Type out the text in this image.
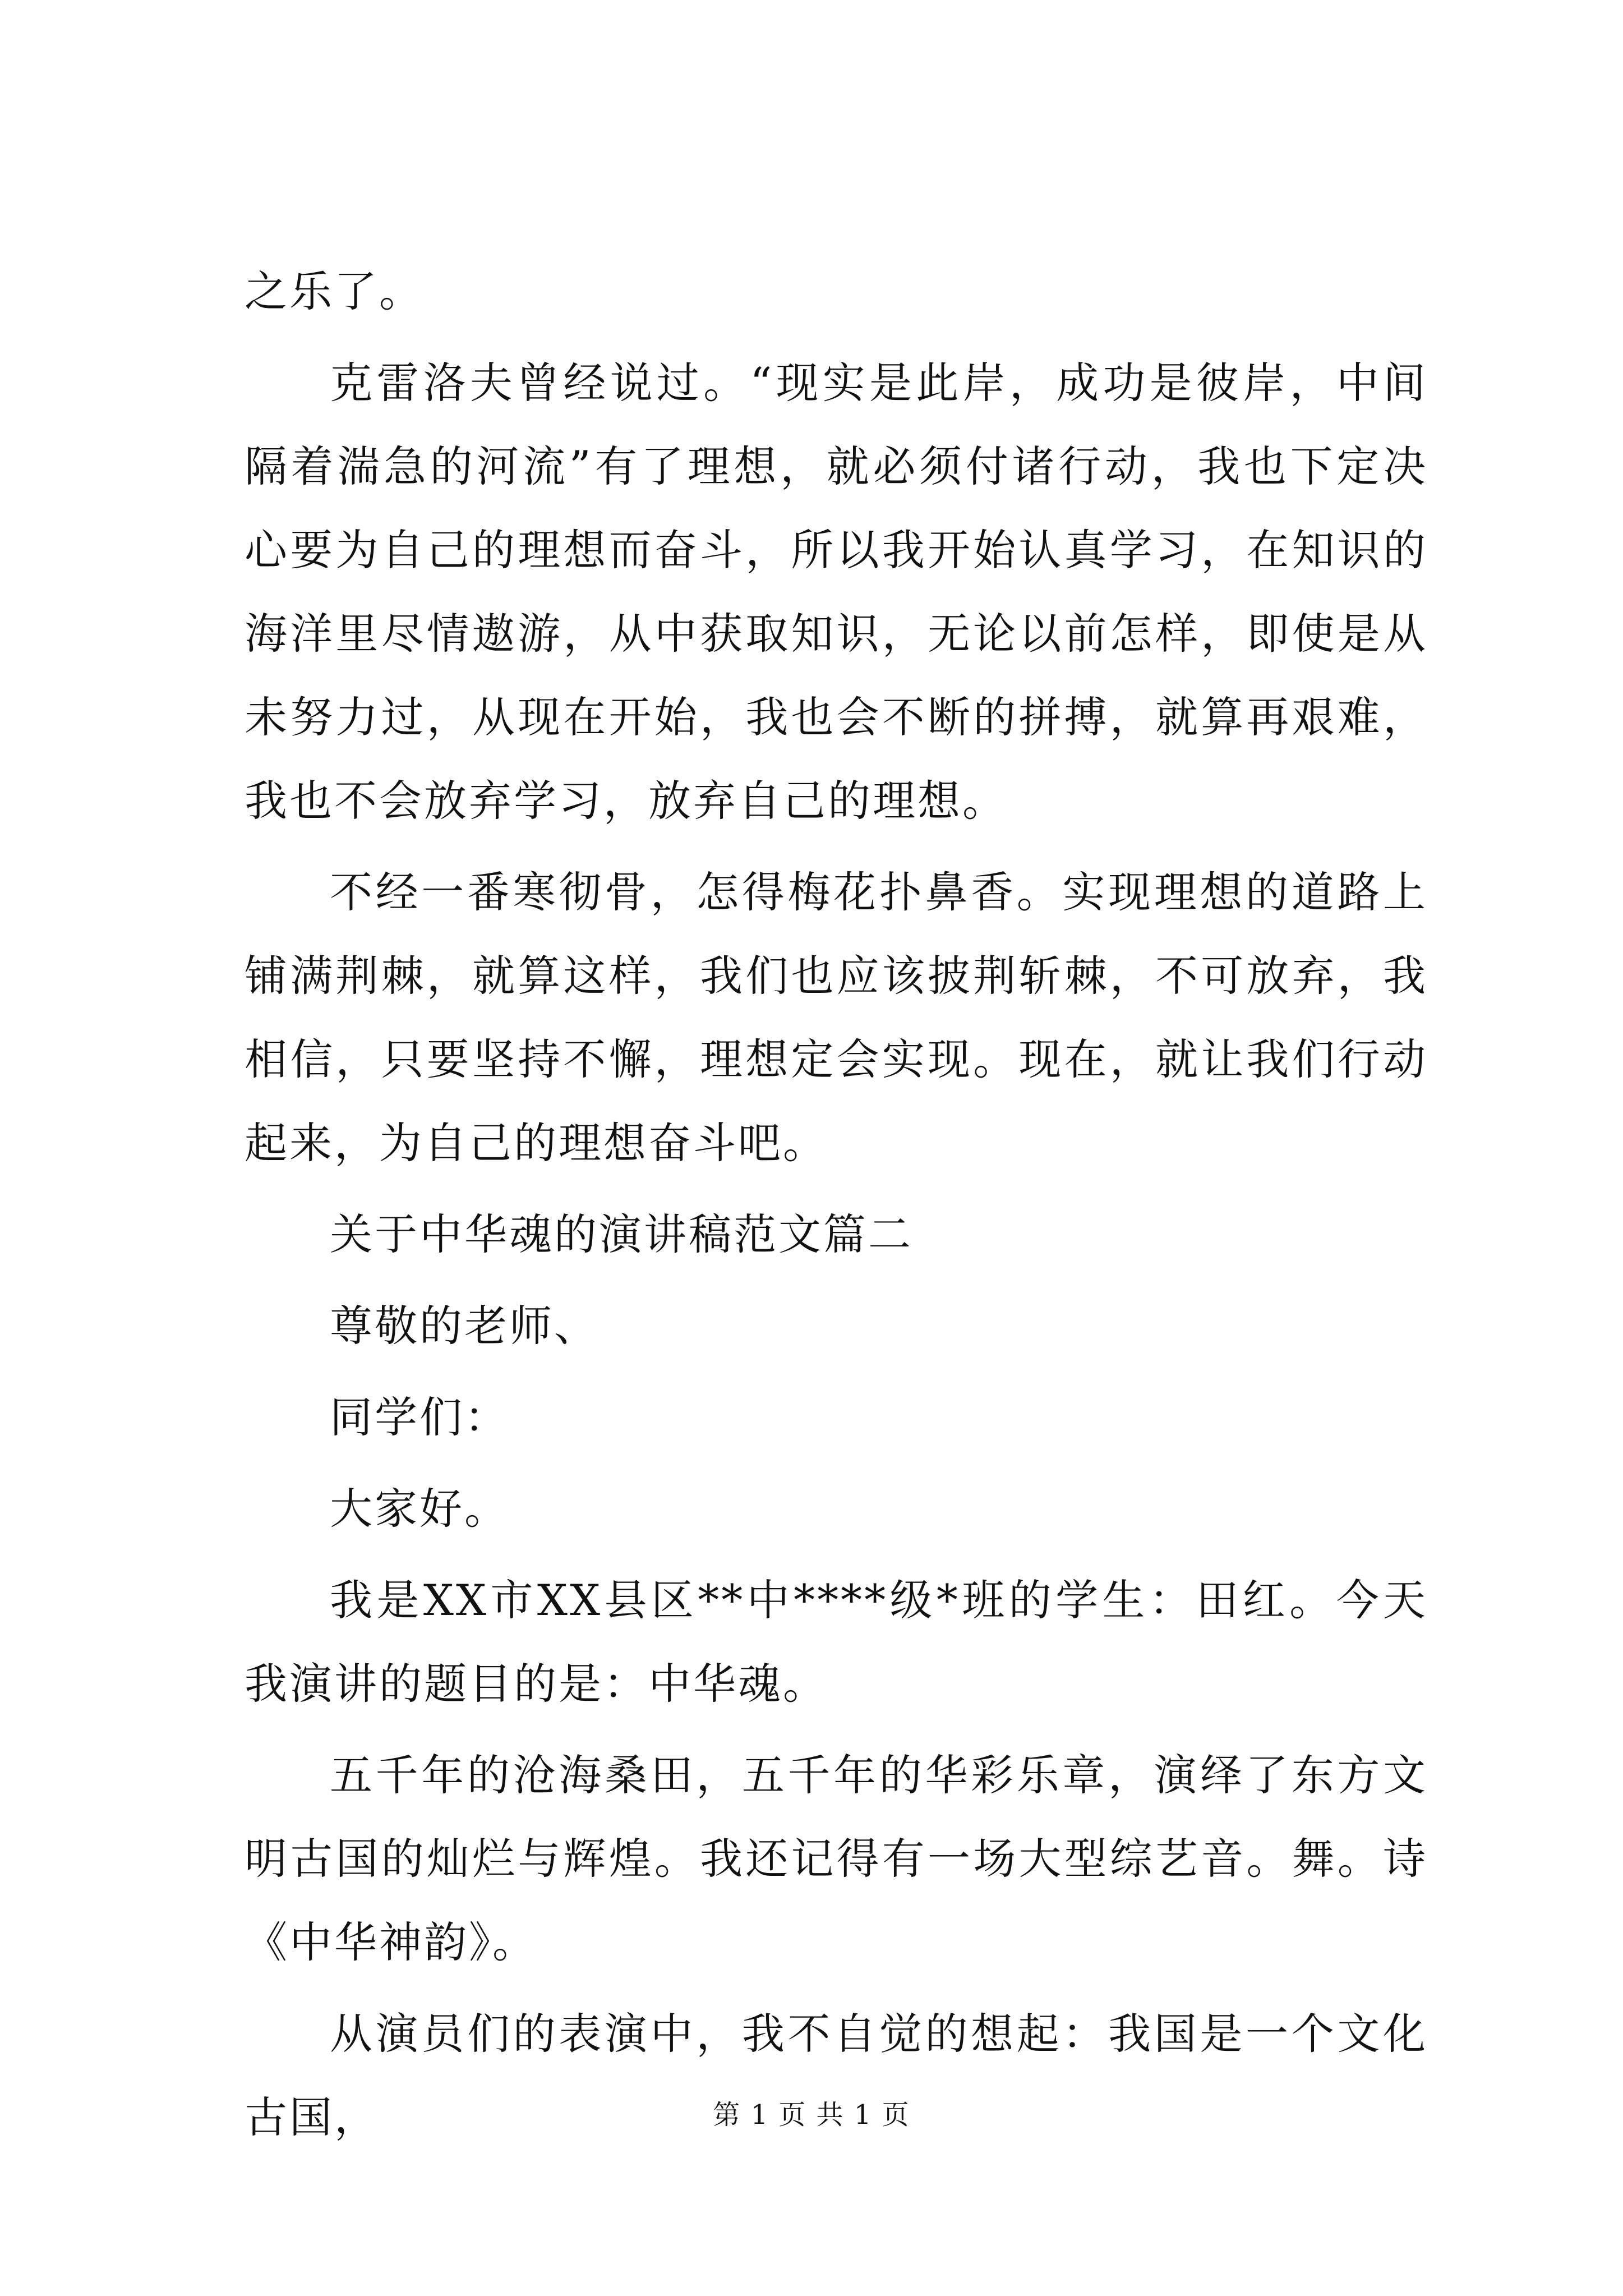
之乐了。

克雷洛夫曾经说过。“现实是此岸，成功是彼岸，中间隔着湍急的河流”有了理想，就必须付诸行动，我也下定决心要为自己的理想而奋斗，所以我开始认真学习，在知识的海洋里尽情遨游，从中获取知识，无论以前怎样，即使是从未努力过，从现在开始，我也会不断的拼搏，就算再艰难，我也不会放弃学习，放弃自己的理想。

不经一番寒彻骨，怎得梅花扑鼻香。实现理想的道路上铺满荆棘，就算这样，我们也应该披荆斩棘，不可放弃，我相信，只要坚持不懈，理想定会实现。现在，就让我们行动起来，为自己的理想奋斗吧。

关于中华魂的演讲稿范文篇二

尊敬的老师、

同学们：

大家好。

我是XX市XX县区**中****级*班的学生：田红。今天我演讲的题目的是：中华魂。

五千年的沧海桑田，五千年的华彩乐章，演绎了东方文明古国的灿烂与辉煌。我还记得有一场大型综艺音。舞。诗《中华神韵》。

从演员们的表演中，我不自觉的想起：我国是一个文化古国，	第 1 页 共 1 页
